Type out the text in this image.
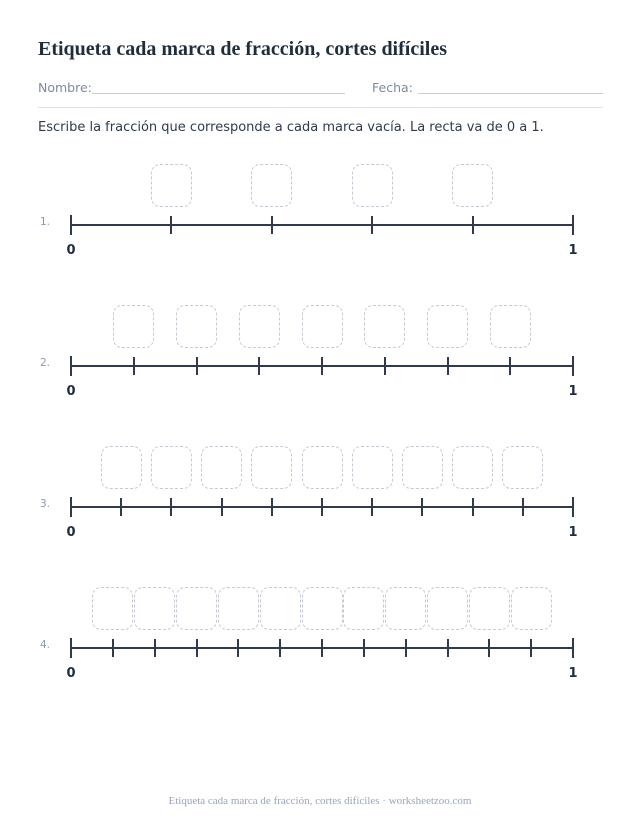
Etiqueta cada marca de fracción, cortes difíciles
Nombre:	Fecha:
Escribe la fracción que corresponde a cada marca vacía. La recta va de 0 a 1.
1.
0	1
2.
0	1
3.
0	1
4.
0	1
Etiqueta cada marca de fracción, cortes difíciles · worksheetzoo.com
